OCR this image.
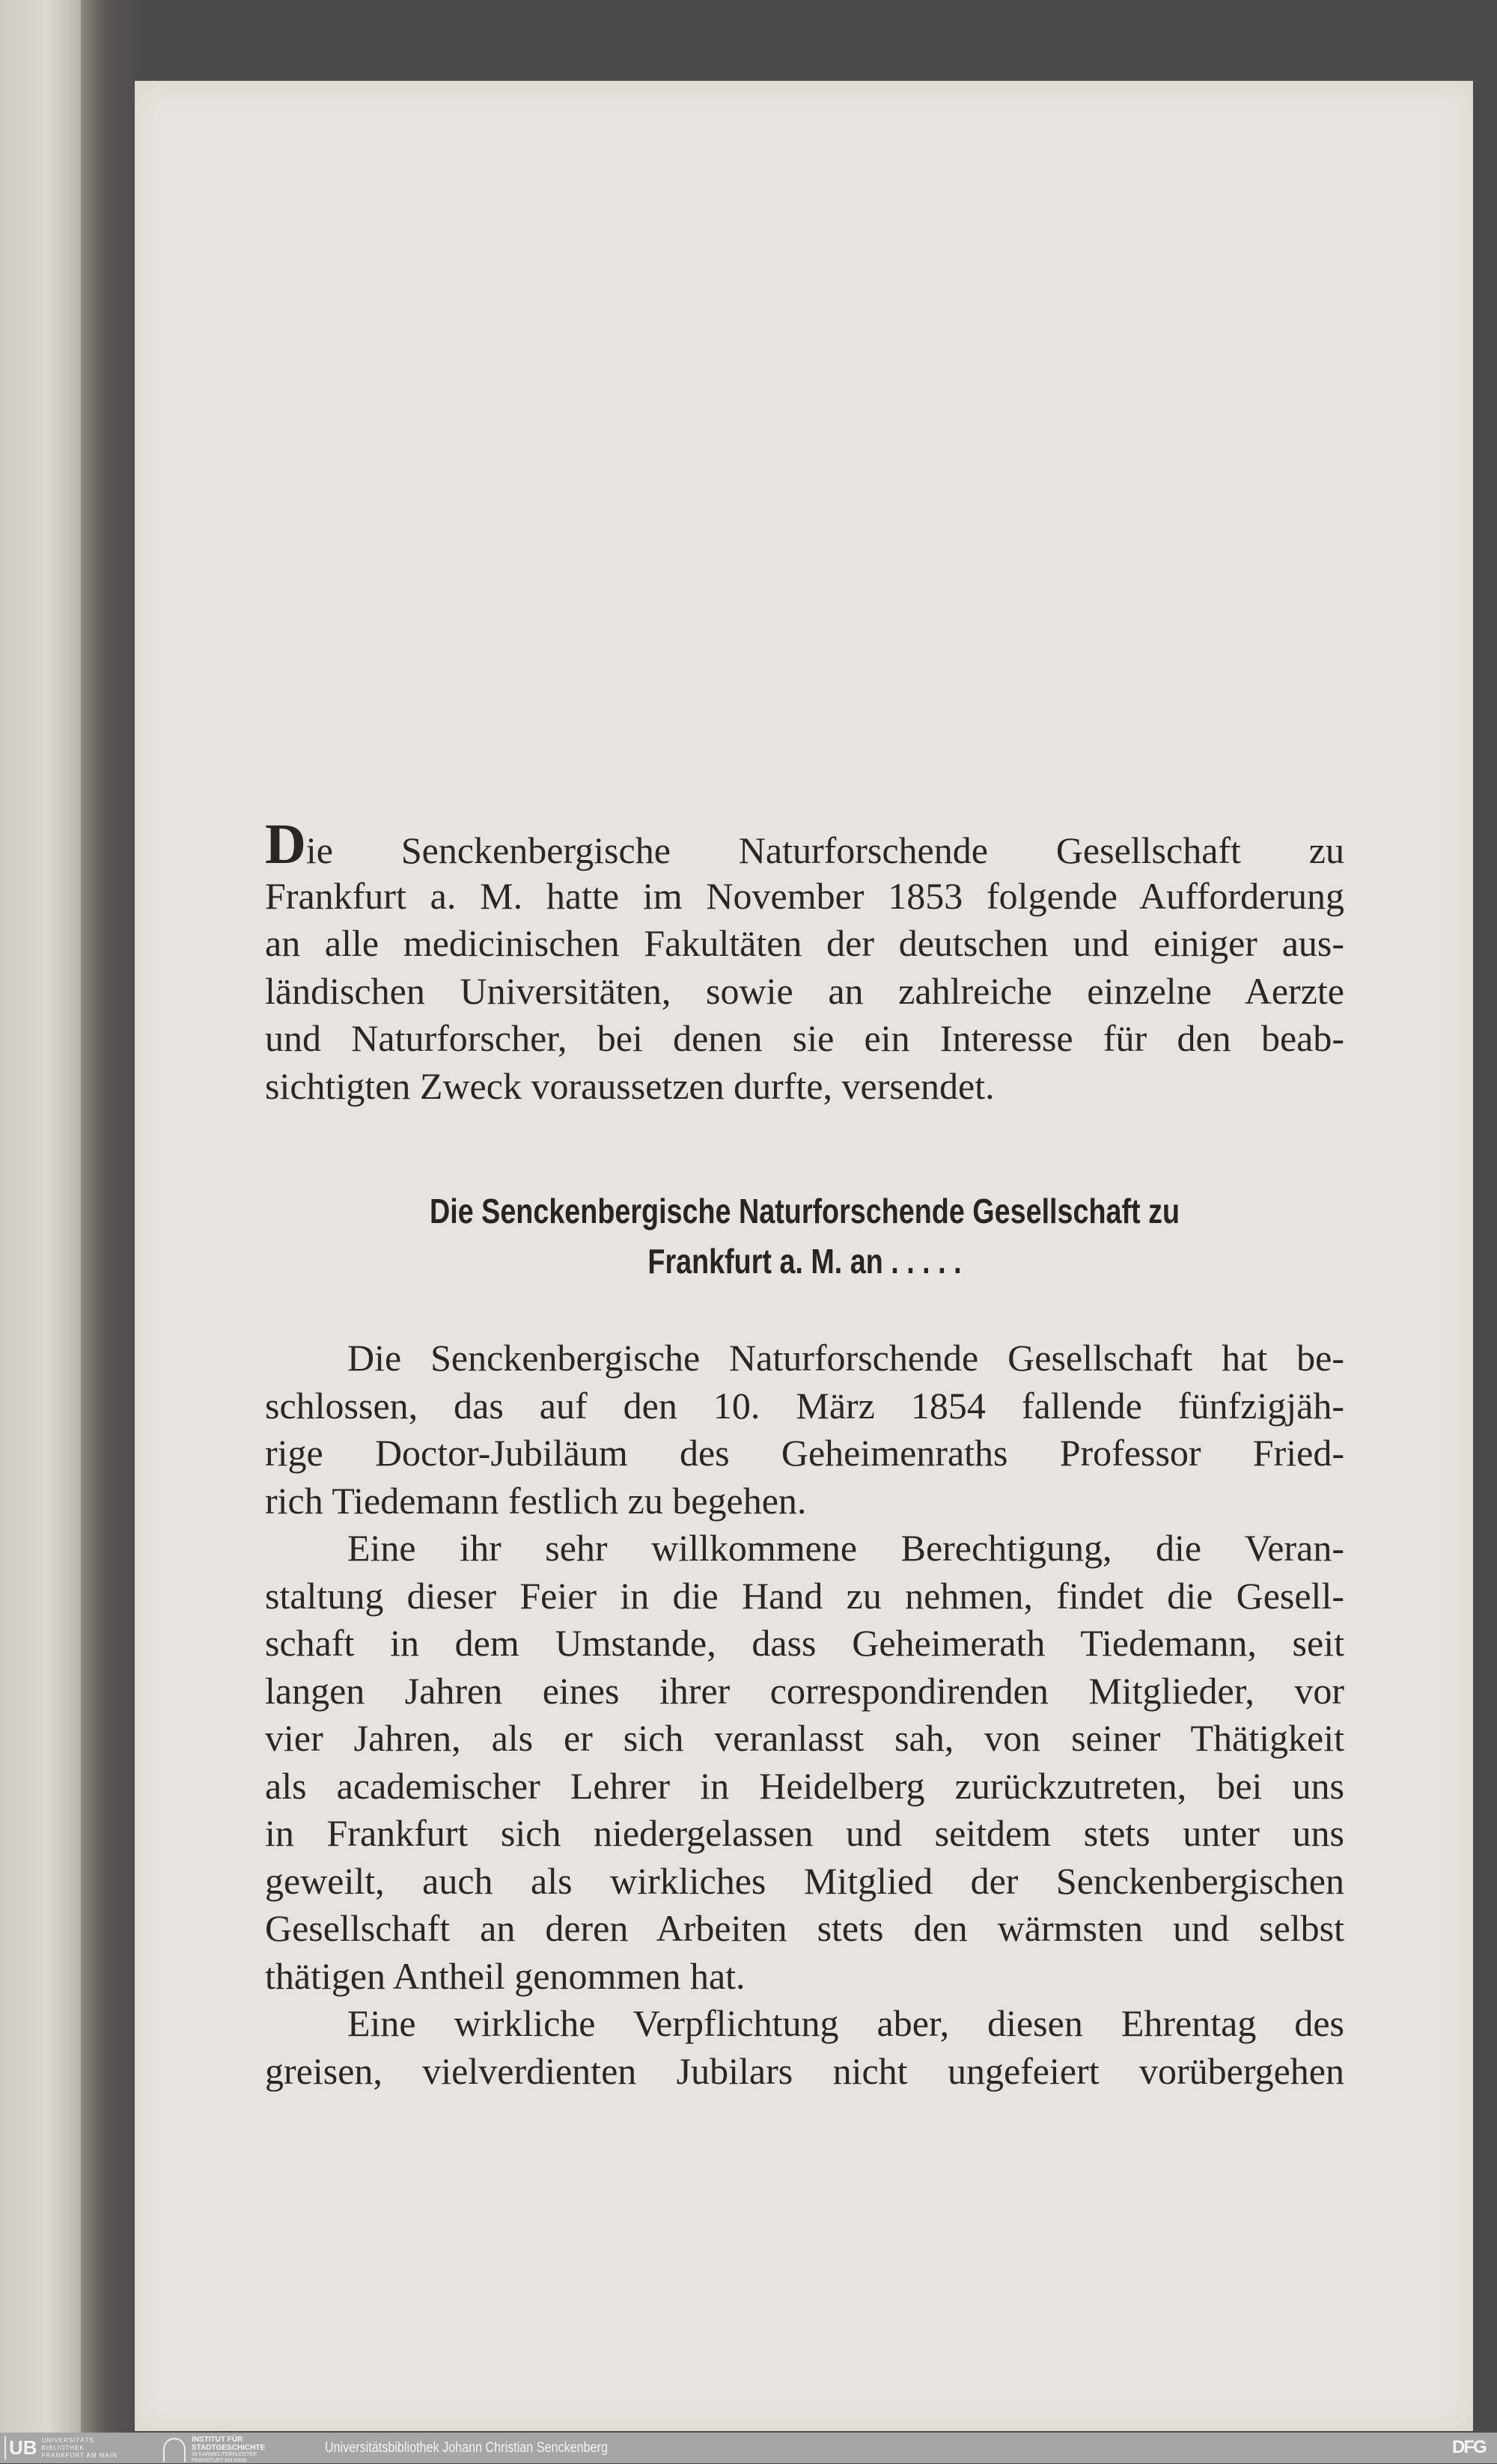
Die Senckenbergische Naturforschende Gesellschaft zu
Frankfurt a. M. hatte im November 1853 folgende Aufforderung
an alle medicinischen Fakultäten der deutschen und einiger aus-
ländischen Universitäten, sowie an zahlreiche einzelne Aerzte
und Naturforscher, bei denen sie ein Interesse für den beab-
sichtigten Zweck voraussetzen durfte, versendet.
Die Senckenbergische Naturforschende Gesellschaft zu
Frankfurt a. M. an . . . . .
Die Senckenbergische Naturforschende Gesellschaft hat be-
schlossen, das auf den 10. März 1854 fallende fünfzigjäh-
rige Doctor-Jubiläum des Geheimenraths Professor Fried-
rich Tiedemann festlich zu begehen.
Eine ihr sehr willkommene Berechtigung, die Veran-
staltung dieser Feier in die Hand zu nehmen, findet die Gesell-
schaft in dem Umstande, dass Geheimerath Tiedemann, seit
langen Jahren eines ihrer correspondirenden Mitglieder, vor
vier Jahren, als er sich veranlasst sah, von seiner Thätigkeit
als academischer Lehrer in Heidelberg zurückzutreten, bei uns
in Frankfurt sich niedergelassen und seitdem stets unter uns
geweilt, auch als wirkliches Mitglied der Senckenbergischen
Gesellschaft an deren Arbeiten stets den wärmsten und selbst
thätigen Antheil genommen hat.
Eine wirkliche Verpflichtung aber, diesen Ehrentag des
greisen, vielverdienten Jubilars nicht ungefeiert vorübergehen
UB UNIVERSITÄTS
BIBLIOTHEK
FRANKFURT AM MAIN
INSTITUT FÜR
STADTGESCHICHTE
IM KARMELITERKLOSTER
FRANKFURT AM MAIN
Universitätsbibliothek Johann Christian Senckenberg	DFG
